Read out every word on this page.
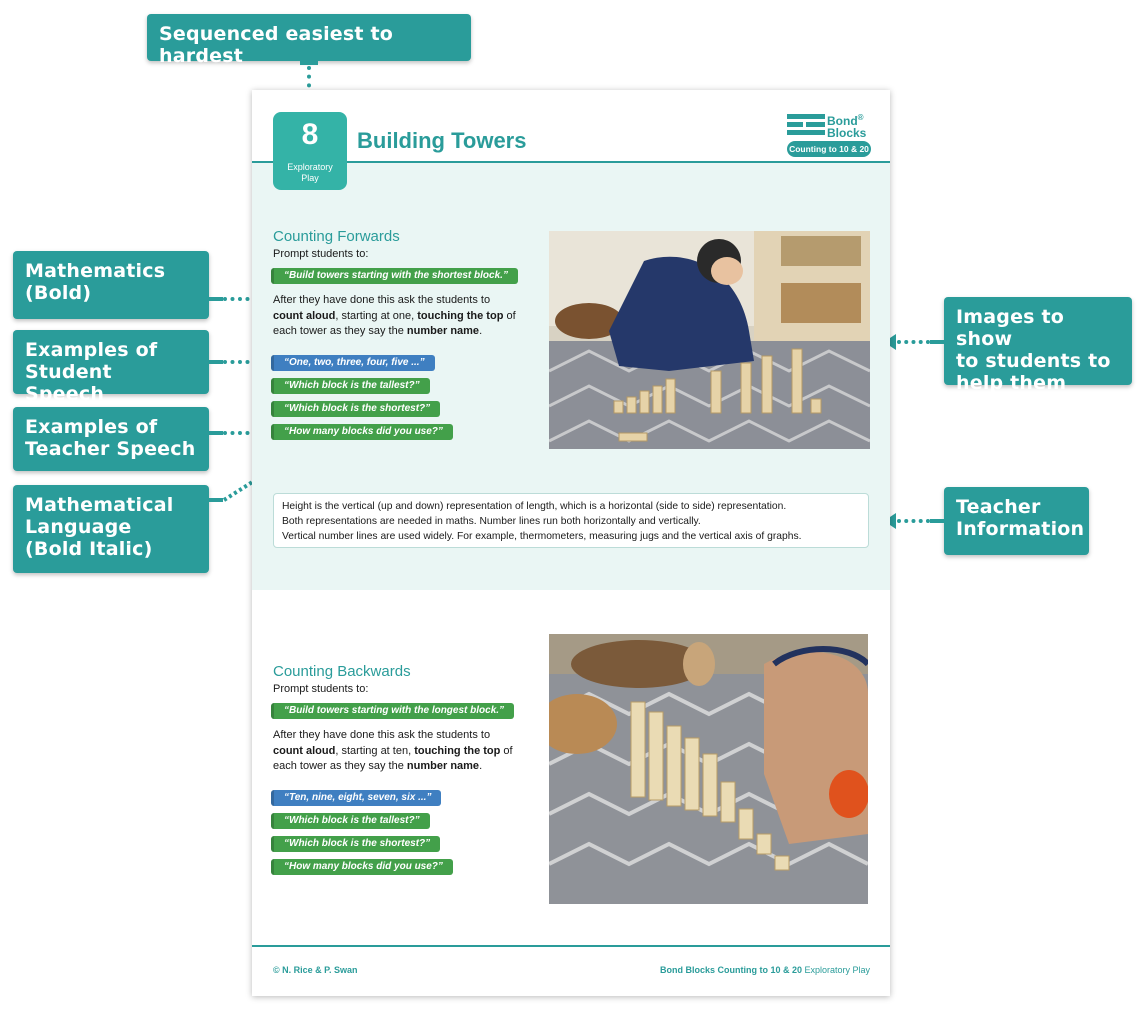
Sequenced easiest to hardest
Mathematics
(Bold)
Examples of
Student Speech
Examples of
Teacher Speech
Mathematical
Language
(Bold Italic)
Images to show
to students to
help them build.
Teacher
Information
8
Exploratory
Play
Building Towers
Bond®
Blocks
Counting to 10 & 20
Counting Forwards
Prompt students to:
“Build towers starting with the shortest block.”
After they have done this ask the students to count aloud, starting at one, touching the top of each tower as they say the number name.
“One, two, three, four, five ...”
“Which block is the tallest?”
“Which block is the shortest?”
“How many blocks did you use?”
Height is the vertical (up and down) representation of length, which is a horizontal (side to side) representation.
Both representations are needed in maths. Number lines run both horizontally and vertically.
Vertical number lines are used widely. For example, thermometers, measuring jugs and the vertical axis of graphs.
Counting Backwards
Prompt students to:
“Build towers starting with the longest block.”
After they have done this ask the students to count aloud, starting at ten, touching the top of each tower as they say the number name.
“Ten, nine, eight, seven, six ...”
“Which block is the tallest?”
“Which block is the shortest?”
“How many blocks did you use?”
© N. Rice & P. Swan	Bond Blocks Counting to 10 & 20 Exploratory Play
